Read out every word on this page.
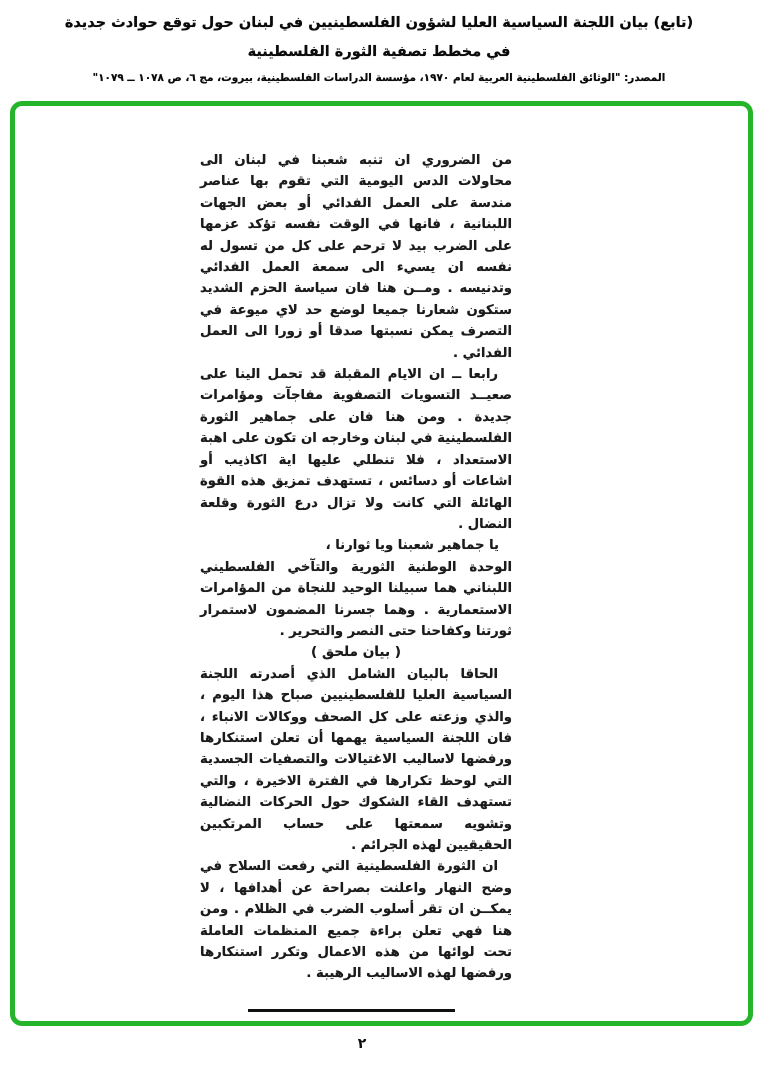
(تابع) بيان اللجنة السياسية العليا لشؤون الفلسطينيين في لبنان حول توقع حوادث جديدة
في مخطط تصفية الثورة الفلسطينية
المصدر: "الوثائق الفلسطينية العربية لعام ١٩٧٠، مؤسسة الدراسات الفلسطينية، بيروت، مج ٦، ص ١٠٧٨ ــ ١٠٧٩"

من الضروري ان تنبه شعبنا في لبنان الى محاولات الدس اليومية التي تقوم بها عناصر مندسة على العمل الفدائي أو بعض الجهات اللبنانية ، فانها في الوقت نفسه تؤكد عزمها على الضرب بيد لا ترحم على كل من تسول له نفسه ان يسيء الى سمعة العمل الفدائي وتدنيسه . ومــن هنا فان سياسة الحزم الشديد ستكون شعارنا جميعا لوضع حد لاي ميوعة في التصرف يمكن نسبتها صدقا أو زورا الى العمل الفدائي .

رابعا ــ ان الايام المقبلة قد تحمل الينا على صعيــد التسويات التصفوية مفاجآت ومؤامرات جديدة . ومن هنا فان على جماهير الثورة الفلسطينية في لبنان وخارجه ان تكون على اهبة الاستعداد ، فلا تنطلي عليها اية اكاذيب أو اشاعات أو دسائس ، تستهدف تمزيق هذه القوة الهائلة التي كانت ولا تزال درع الثورة وقلعة النضال .

يا جماهير شعبنا ويا ثوارنا ،

الوحدة الوطنية الثورية والتآخي الفلسطيني اللبناني هما سبيلنا الوحيد للنجاة من المؤامرات الاستعمارية . وهما جسرنا المضمون لاستمرار ثورتنا وكفاحنا حتى النصر والتحرير .

( بيان ملحق )

الحاقا بالبيان الشامل الذي أصدرته اللجنة السياسية العليا للفلسطينيين صباح هذا اليوم ، والذي وزعته على كل الصحف ووكالات الانباء ، فان اللجنة السياسية يهمها أن تعلن استنكارها ورفضها لاساليب الاغتيالات والتصفيات الجسدية التي لوحظ تكرارها في الفترة الاخيرة ، والتي تستهدف القاء الشكوك حول الحركات النضالية وتشويه سمعتها على حساب المرتكبين الحقيقيين لهذه الجرائم .

ان الثورة الفلسطينية التي رفعت السلاح في وضح النهار واعلنت بصراحة عن أهدافها ، لا يمكــن ان تقر أسلوب الضرب في الظلام . ومن هنا فهي تعلن براءة جميع المنظمات العاملة تحت لوائها من هذه الاعمال وتكرر استنكارها ورفضها لهذه الاساليب الرهيبة .

٢
